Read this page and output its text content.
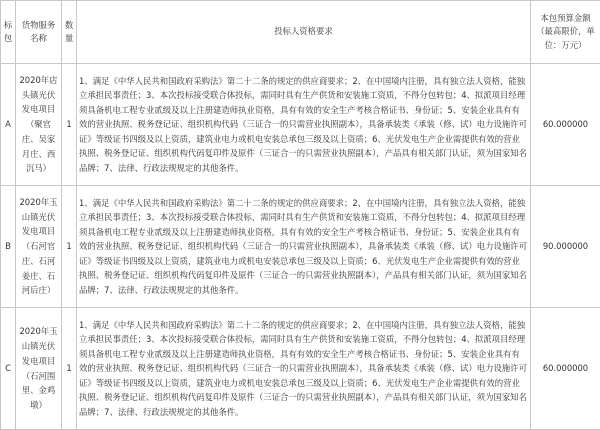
标包	货物服务名称	数量	投标人资格要求	本包预算金额（最高限价，单位：万元）
A	2020年店头镇光伏发电项目（聚官庄、吴家月庄、西沉马）	1	1、满足《中华人民共和国政府采购法》第二十二条的规定的供应商要求；2、在中国境内注册，具有独立法人资格，能独立承担民事责任；3、本次投标接受联合体投标，需同时具有生产供货和安装施工资质，不得分包转包；4、拟派项目经理须具备机电工程专业贰级及以上注册建造师执业资格，具有有效的安全生产考核合格证书、身份证；5、安装企业具有有效的营业执照、税务登记证、组织机构代码（三证合一的只需营业执照副本），具备承装类《承装（修、试）电力设施许可证》等级证书四级及以上资质，建筑业电力或机电安装总承包三级及以上资质；6、光伏发电生产企业需提供有效的营业执照、税务登记证、组织机构代码复印件及原件（三证合一的只需营业执照副本），产品具有相关部门认证，须为国家知名品牌；7、法律、行政法规规定的其他条件。	60.000000
B	2020年玉山镇光伏发电项目（石河官庄、石河姜庄、石河后庄）	1	1、满足《中华人民共和国政府采购法》第二十二条的规定的供应商要求；2、在中国境内注册，具有独立法人资格，能独立承担民事责任；3、本次投标接受联合体投标，需同时具有生产供货和安装施工资质，不得分包转包；4、拟派项目经理须具备机电工程专业贰级及以上注册建造师执业资格，具有有效的安全生产考核合格证书、身份证；5、安装企业具有有效的营业执照、税务登记证、组织机构代码（三证合一的只需营业执照副本），具备承装类《承装（修、试）电力设施许可证》等级证书四级及以上资质，建筑业电力或机电安装总承包三级及以上资质；6、光伏发电生产企业需提供有效的营业执照、税务登记证、组织机构代码复印件及原件（三证合一的只需营业执照副本），产品具有相关部门认证，须为国家知名品牌；7、法律、行政法规规定的其他条件。	90.000000
C	2020年玉山镇光伏发电项目（石河围里、金鸡墩）	1	1、满足《中华人民共和国政府采购法》第二十二条的规定的供应商要求；2、在中国境内注册，具有独立法人资格，能独立承担民事责任；3、本次投标接受联合体投标，需同时具有生产供货和安装施工资质，不得分包转包；4、拟派项目经理须具备机电工程专业贰级及以上注册建造师执业资格，具有有效的安全生产考核合格证书、身份证；5、安装企业具有有效的营业执照、税务登记证、组织机构代码（三证合一的只需营业执照副本），具备承装类《承装（修、试）电力设施许可证》等级证书四级及以上资质，建筑业电力或机电安装总承包三级及以上资质；6、光伏发电生产企业需提供有效的营业执照、税务登记证、组织机构代码复印件及原件（三证合一的只需营业执照副本），产品具有相关部门认证，须为国家知名品牌；7、法律、行政法规规定的其他条件。	60.000000
